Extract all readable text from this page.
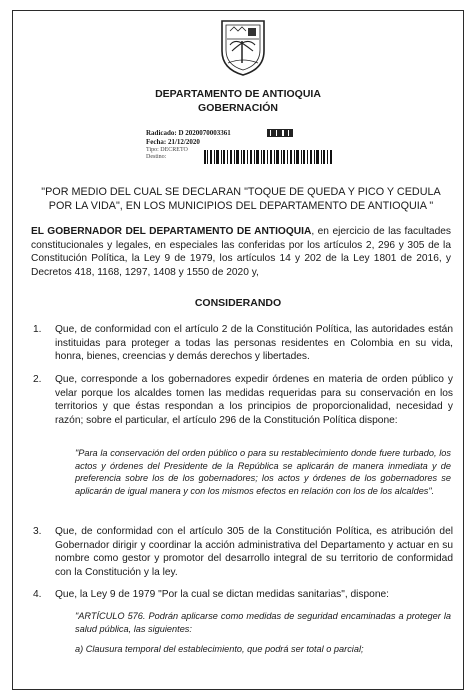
DEPARTAMENTO DE ANTIOQUIA
GOBERNACIÓN
Radicado: D 2020070003361
Fecha: 21/12/2020
Tipo: DECRETO
Destino:
"POR MEDIO DEL CUAL SE DECLARAN "TOQUE DE QUEDA Y PICO Y CEDULA POR LA VIDA", EN LOS MUNICIPIOS DEL DEPARTAMENTO DE ANTIOQUIA "
EL GOBERNADOR DEL DEPARTAMENTO DE ANTIOQUIA, en ejercicio de las facultades constitucionales y legales, en especiales las conferidas por los artículos 2, 296 y 305 de la Constitución Política, la Ley 9 de 1979, los artículos 14 y 202 de la Ley 1801 de 2016, y Decretos 418, 1168, 1297, 1408 y 1550 de 2020 y,
CONSIDERANDO
1. Que, de conformidad con el artículo 2 de la Constitución Política, las autoridades están instituidas para proteger a todas las personas residentes en Colombia en su vida, honra, bienes, creencias y demás derechos y libertades.
2. Que, corresponde a los gobernadores expedir órdenes en materia de orden público y velar porque los alcaldes tomen las medidas requeridas para su conservación en los territorios y que éstas respondan a los principios de proporcionalidad, necesidad y razón; sobre el particular, el artículo 296 de la Constitución Política dispone:
"Para la conservación del orden público o para su restablecimiento donde fuere turbado, los actos y órdenes del Presidente de la República se aplicarán de manera inmediata y de preferencia sobre los de los gobernadores; los actos y órdenes de los gobernadores se aplicarán de igual manera y con los mismos efectos en relación con los de los alcaldes".
3. Que, de conformidad con el artículo 305 de la Constitución Política, es atribución del Gobernador dirigir y coordinar la acción administrativa del Departamento y actuar en su nombre como gestor y promotor del desarrollo integral de su territorio de conformidad con la Constitución y la ley.
4. Que, la Ley 9 de 1979 "Por la cual se dictan medidas sanitarias", dispone:
"ARTÍCULO 576. Podrán aplicarse como medidas de seguridad encaminadas a proteger la salud pública, las siguientes:
a) Clausura temporal del establecimiento, que podrá ser total o parcial;
